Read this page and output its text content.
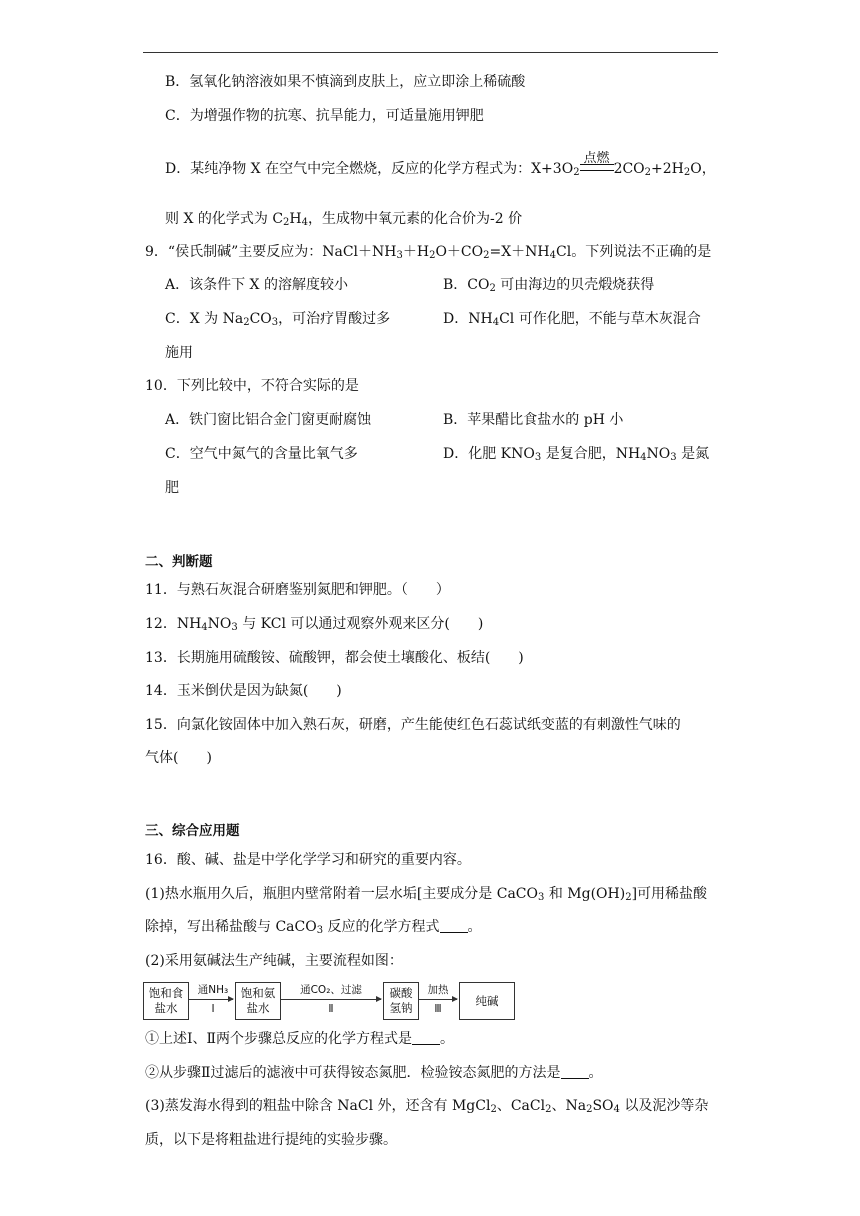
B．氢氧化钠溶液如果不慎滴到皮肤上，应立即涂上稀硫酸
C．为增强作物的抗寒、抗旱能力，可适量施用钾肥
D．某纯净物 X 在空气中完全燃烧，反应的化学方程式为：$X+3O_2$
点燃
$2CO_2+2H_2O$，
则 X 的化学式为 $C_2H_4$，生成物中氧元素的化合价为-2 价
9．“侯氏制碱”主要反应为：$NaCl+NH_3+H_2O+CO_2=X+NH_4Cl$。下列说法不正确的是
A．该条件下 X 的溶解度较小	B．$CO_2$ 可由海边的贝壳煅烧获得
C．X 为 $Na_2CO_3$，可治疗胃酸过多	D．$NH_4Cl$ 可作化肥，不能与草木灰混合
施用
10．下列比较中，不符合实际的是
A．铁门窗比铝合金门窗更耐腐蚀	B．苹果醋比食盐水的 pH 小
C．空气中氮气的含量比氧气多	D．化肥 $KNO_3$ 是复合肥，$NH_4NO_3$ 是氮
肥
二、判断题
11．与熟石灰混合研磨鉴别氮肥和钾肥。（　　）
12．$NH_4NO_3$ 与 KCl 可以通过观察外观来区分(　　)
13．长期施用硫酸铵、硫酸钾，都会使土壤酸化、板结(　　)
14．玉米倒伏是因为缺氮(　　)
15．向氯化铵固体中加入熟石灰，研磨，产生能使红色石蕊试纸变蓝的有刺激性气味的
气体(　　)
三、综合应用题
16．酸、碱、盐是中学化学学习和研究的重要内容。
(1)热水瓶用久后，瓶胆内壁常附着一层水垢[主要成分是 CaCO$_3$ 和 $Mg(OH)_2$]可用稀盐酸
除掉，写出稀盐酸与 CaCO$_3$ 反应的化学方程式 。
(2)采用氨碱法生产纯碱，主要流程如图：
饱和食
盐水
通NH₃
Ⅰ
饱和氨
盐水
通CO₂、过滤
Ⅱ
碳酸
氢钠
加热
Ⅲ
纯碱
①上述Ⅰ、Ⅱ两个步骤总反应的化学方程式是 。
②从步骤Ⅱ过滤后的滤液中可获得铵态氮肥．检验铵态氮肥的方法是 。
(3)蒸发海水得到的粗盐中除含 NaCl 外，还含有 MgCl$_2$、CaCl$_2$、$Na_2SO_4$ 以及泥沙等杂
质，以下是将粗盐进行提纯的实验步骤。
